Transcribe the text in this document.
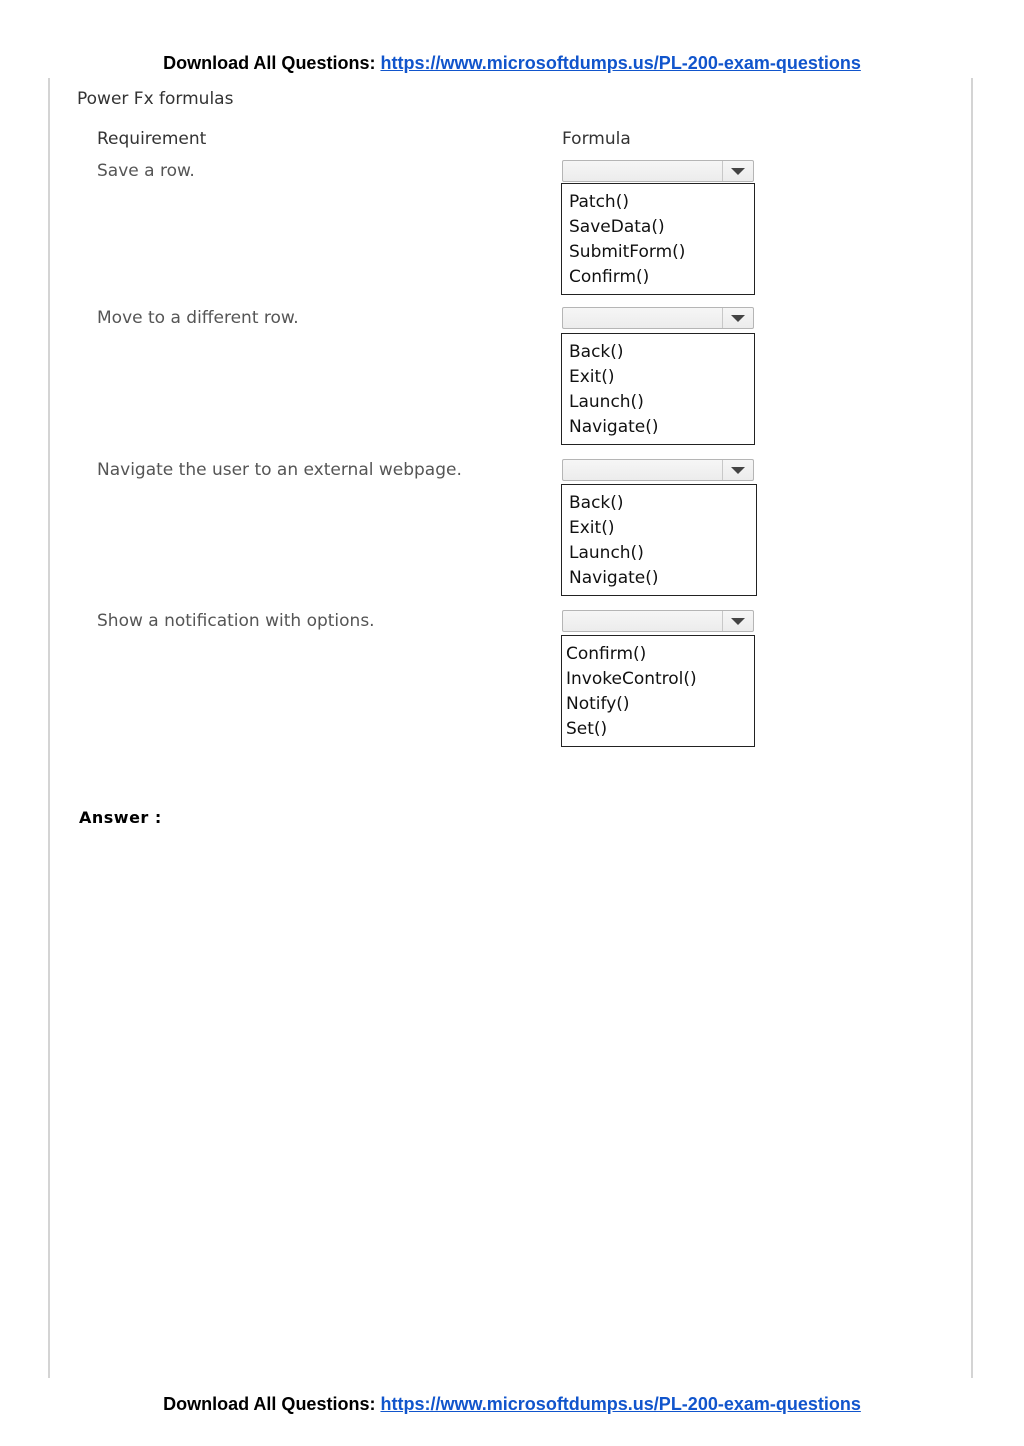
Download All Questions: https://www.microsoftdumps.us/PL-200-exam-questions
Power Fx formulas
Requirement	Formula
Save a row.
Patch()
SaveData()
SubmitForm()
Confirm()
Move to a different row.
Back()
Exit()
Launch()
Navigate()
Navigate the user to an external webpage.
Back()
Exit()
Launch()
Navigate()
Show a notification with options.
Confirm()
InvokeControl()
Notify()
Set()
Answer :
Download All Questions: https://www.microsoftdumps.us/PL-200-exam-questions
